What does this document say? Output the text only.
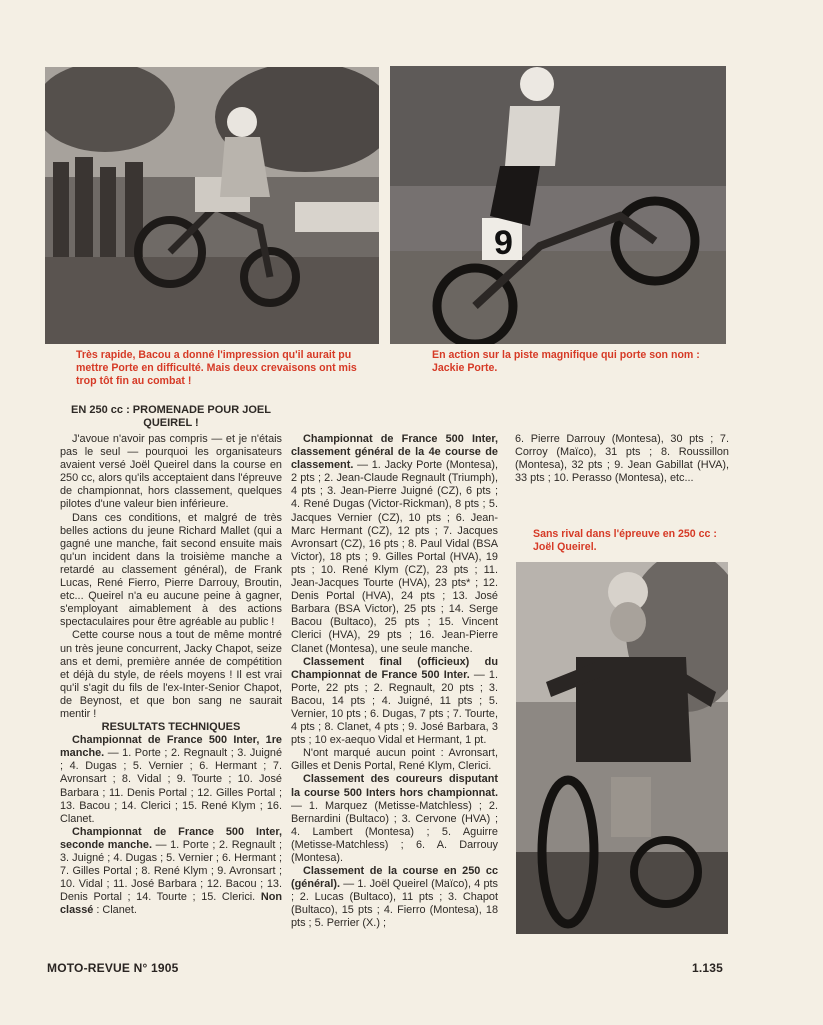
9

Très rapide, Bacou a donné l'impression qu'il aurait pu mettre Porte en difficulté. Mais deux crevaisons ont mis trop tôt fin au combat !

En action sur la piste magnifique qui porte son nom : Jackie Porte.

Sans rival dans l'épreuve en 250 cc : Joël Queirel.

EN 250 cc : PROMENADE POUR JOEL QUEIREL !

J'avoue n'avoir pas compris — et je n'étais pas le seul — pourquoi les organisateurs avaient versé Joël Queirel dans la course en 250 cc, alors qu'ils acceptaient dans l'épreuve de championnat, hors classement, quelques pilotes d'une valeur bien inférieure.

Dans ces conditions, et malgré de très belles actions du jeune Richard Mallet (qui a gagné une manche, fait second ensuite mais qu'un incident dans la troisième manche a retardé au classement général), de Frank Lucas, René Fierro, Pierre Darrouy, Broutin, etc... Queirel n'a eu aucune peine à gagner, s'employant aimablement à des actions spectaculaires pour être agréable au public !

Cette course nous a tout de même montré un très jeune concurrent, Jacky Chapot, seize ans et demi, première année de compétition et déjà du style, de réels moyens ! Il est vrai qu'il s'agit du fils de l'ex-Inter-Senior Chapot, de Beynost, et que bon sang ne saurait mentir !

RESULTATS TECHNIQUES

Championnat de France 500 Inter, 1re manche. — 1. Porte ; 2. Regnault ; 3. Juigné ; 4. Dugas ; 5. Vernier ; 6. Hermant ; 7. Avronsart ; 8. Vidal ; 9. Tourte ; 10. José Barbara ; 11. Denis Portal ; 12. Gilles Portal ; 13. Bacou ; 14. Clerici ; 15. René Klym ; 16. Clanet.

Championnat de France 500 Inter, seconde manche. — 1. Porte ; 2. Regnault ; 3. Juigné ; 4. Dugas ; 5. Vernier ; 6. Hermant ; 7. Gilles Portal ; 8. René Klym ; 9. Avronsart ; 10. Vidal ; 11. José Barbara ; 12. Bacou ; 13. Denis Portal ; 14. Tourte ; 15. Clerici. Non classé : Clanet.

Championnat de France 500 Inter, classement général de la 4e course de classement. — 1. Jacky Porte (Montesa), 2 pts ; 2. Jean-Claude Regnault (Triumph), 4 pts ; 3. Jean-Pierre Juigné (CZ), 6 pts ; 4. René Dugas (Victor-Rickman), 8 pts ; 5. Jacques Vernier (CZ), 10 pts ; 6. Jean-Marc Hermant (CZ), 12 pts ; 7. Jacques Avronsart (CZ), 16 pts ; 8. Paul Vidal (BSA Victor), 18 pts ; 9. Gilles Portal (HVA), 19 pts ; 10. René Klym (CZ), 23 pts ; 11. Jean-Jacques Tourte (HVA), 23 pts* ; 12. Denis Portal (HVA), 24 pts ; 13. José Barbara (BSA Victor), 25 pts ; 14. Serge Bacou (Bultaco), 25 pts ; 15. Vincent Clerici (HVA), 29 pts ; 16. Jean-Pierre Clanet (Montesa), une seule manche.

Classement final (officieux) du Championnat de France 500 Inter. — 1. Porte, 22 pts ; 2. Regnault, 20 pts ; 3. Bacou, 14 pts ; 4. Juigné, 11 pts ; 5. Vernier, 10 pts ; 6. Dugas, 7 pts ; 7. Tourte, 4 pts ; 8. Clanet, 4 pts ; 9. José Barbara, 3 pts ; 10 ex-aequo Vidal et Hermant, 1 pt.

N'ont marqué aucun point : Avronsart, Gilles et Denis Portal, René Klym, Clerici.

Classement des coureurs disputant la course 500 Inters hors championnat. — 1. Marquez (Metisse-Matchless) ; 2. Bernardini (Bultaco) ; 3. Cervone (HVA) ; 4. Lambert (Montesa) ; 5. Aguirre (Metisse-Matchless) ; 6. A. Darrouy (Montesa).

Classement de la course en 250 cc (général). — 1. Joël Queirel (Maïco), 4 pts ; 2. Lucas (Bultaco), 11 pts ; 3. Chapot (Bultaco), 15 pts ; 4. Fierro (Montesa), 18 pts ; 5. Perrier (X.) ;

6. Pierre Darrouy (Montesa), 30 pts ; 7. Corroy (Maïco), 31 pts ; 8. Roussillon (Montesa), 32 pts ; 9. Jean Gabillat (HVA), 33 pts ; 10. Perasso (Montesa), etc...

MOTO-REVUE N° 1905	1.135
